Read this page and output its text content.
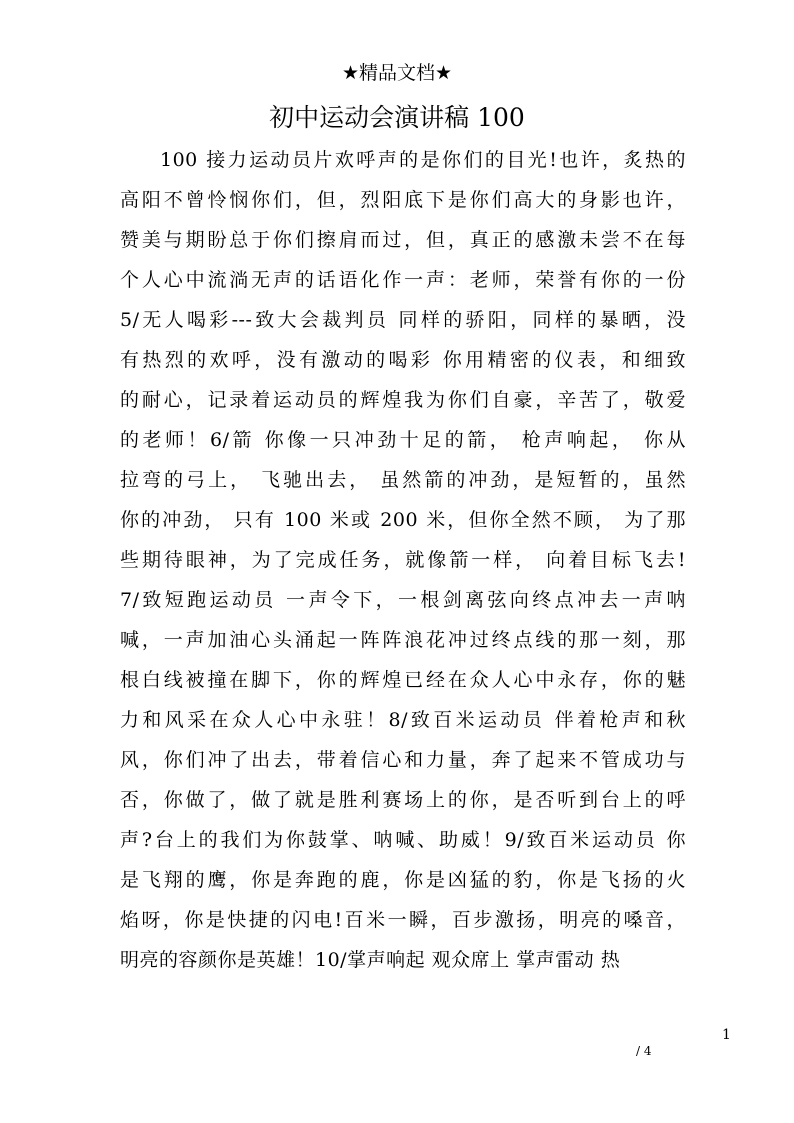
★精品文档★
初中运动会演讲稿 100
100 接力运动员片欢呼声的是你们的目光!也许，炙热的
高阳不曾怜悯你们，但，烈阳底下是你们高大的身影也许，
赞美与期盼总于你们擦肩而过，但，真正的感激未尝不在每
个人心中流淌无声的话语化作一声：老师，荣誉有你的一份
5/无人喝彩---致大会裁判员 同样的骄阳，同样的暴晒，没
有热烈的欢呼，没有激动的喝彩 你用精密的仪表，和细致
的耐心，记录着运动员的辉煌我为你们自豪，辛苦了，敬爱
的老师！6/箭 你像一只冲劲十足的箭， 枪声响起， 你从
拉弯的弓上， 飞驰出去， 虽然箭的冲劲，是短暂的，虽然
你的冲劲， 只有 100 米或 200 米，但你全然不顾， 为了那
些期待眼神，为了完成任务，就像箭一样， 向着目标飞去!
7/致短跑运动员 一声令下，一根剑离弦向终点冲去一声呐
喊，一声加油心头涌起一阵阵浪花冲过终点线的那一刻，那
根白线被撞在脚下，你的辉煌已经在众人心中永存，你的魅
力和风采在众人心中永驻！8/致百米运动员 伴着枪声和秋
风，你们冲了出去，带着信心和力量，奔了起来不管成功与
否，你做了，做了就是胜利赛场上的你，是否听到台上的呼
声?台上的我们为你鼓掌、呐喊、助威！9/致百米运动员 你
是飞翔的鹰，你是奔跑的鹿，你是凶猛的豹，你是飞扬的火
焰呀，你是快捷的闪电!百米一瞬，百步激扬，明亮的嗓音，
明亮的容颜你是英雄！10/掌声响起 观众席上 掌声雷动 热
1
/ 4
